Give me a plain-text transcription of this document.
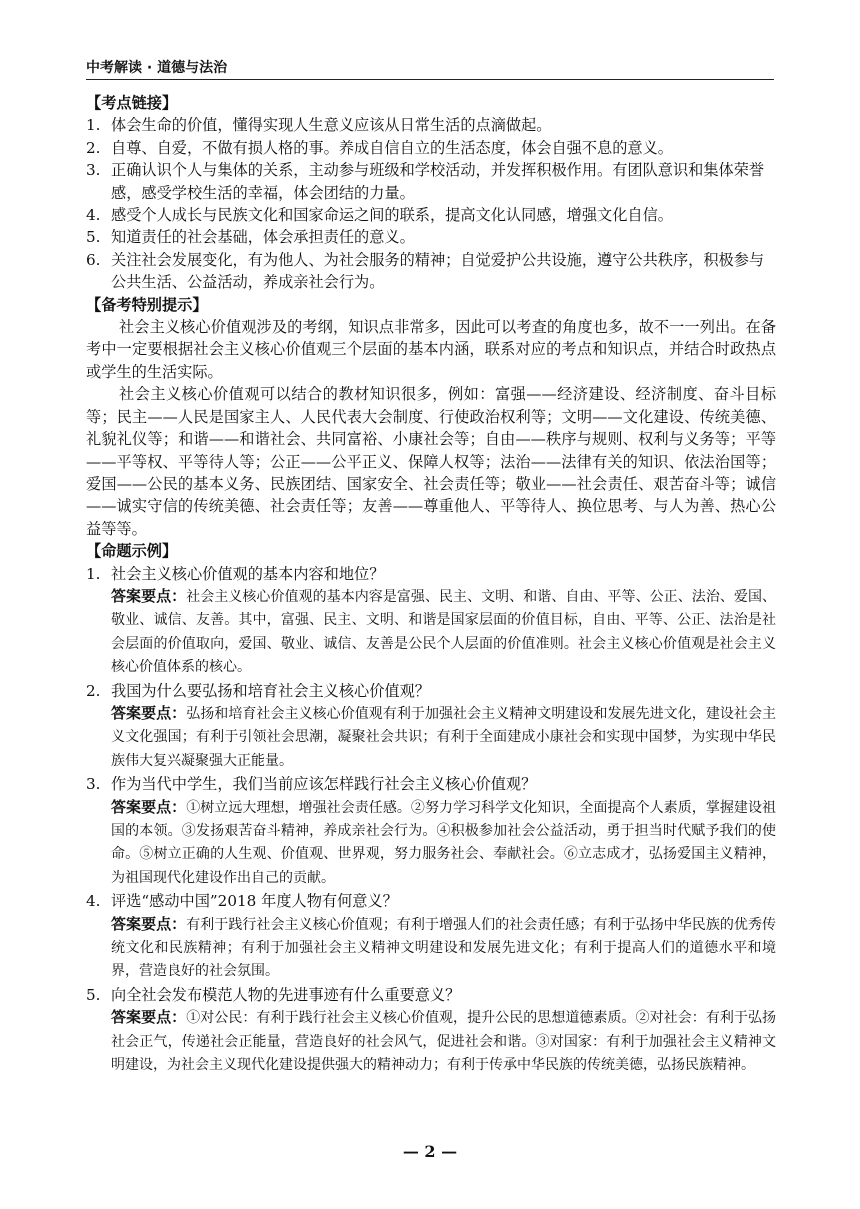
中考解读 · 道德与法治
【考点链接】
1. 体会生命的价值，懂得实现人生意义应该从日常生活的点滴做起。
2. 自尊、自爱，不做有损人格的事。养成自信自立的生活态度，体会自强不息的意义。
3. 正确认识个人与集体的关系，主动参与班级和学校活动，并发挥积极作用。有团队意识和集体荣誉感，感受学校生活的幸福，体会团结的力量。
4. 感受个人成长与民族文化和国家命运之间的联系，提高文化认同感，增强文化自信。
5. 知道责任的社会基础，体会承担责任的意义。
6. 关注社会发展变化，有为他人、为社会服务的精神；自觉爱护公共设施，遵守公共秩序，积极参与公共生活、公益活动，养成亲社会行为。
【备考特别提示】
社会主义核心价值观涉及的考纲，知识点非常多，因此可以考查的角度也多，故不一一列出。在备考中一定要根据社会主义核心价值观三个层面的基本内涵，联系对应的考点和知识点，并结合时政热点或学生的生活实际。
社会主义核心价值观可以结合的教材知识很多，例如：富强——经济建设、经济制度、奋斗目标等；民主——人民是国家主人、人民代表大会制度、行使政治权利等；文明——文化建设、传统美德、礼貌礼仪等；和谐——和谐社会、共同富裕、小康社会等；自由——秩序与规则、权利与义务等；平等——平等权、平等待人等；公正——公平正义、保障人权等；法治——法律有关的知识、依法治国等；爱国——公民的基本义务、民族团结、国家安全、社会责任等；敬业——社会责任、艰苦奋斗等；诚信——诚实守信的传统美德、社会责任等；友善——尊重他人、平等待人、换位思考、与人为善、热心公益等等。
【命题示例】
1. 社会主义核心价值观的基本内容和地位？
答案要点：社会主义核心价值观的基本内容是富强、民主、文明、和谐、自由、平等、公正、法治、爱国、敬业、诚信、友善。其中，富强、民主、文明、和谐是国家层面的价值目标，自由、平等、公正、法治是社会层面的价值取向，爱国、敬业、诚信、友善是公民个人层面的价值准则。社会主义核心价值观是社会主义核心价值体系的核心。
2. 我国为什么要弘扬和培育社会主义核心价值观？
答案要点：弘扬和培育社会主义核心价值观有利于加强社会主义精神文明建设和发展先进文化，建设社会主义文化强国；有利于引领社会思潮，凝聚社会共识；有利于全面建成小康社会和实现中国梦，为实现中华民族伟大复兴凝聚强大正能量。
3. 作为当代中学生，我们当前应该怎样践行社会主义核心价值观？
答案要点：①树立远大理想，增强社会责任感。②努力学习科学文化知识，全面提高个人素质，掌握建设祖国的本领。③发扬艰苦奋斗精神，养成亲社会行为。④积极参加社会公益活动，勇于担当时代赋予我们的使命。⑤树立正确的人生观、价值观、世界观，努力服务社会、奉献社会。⑥立志成才，弘扬爱国主义精神，为祖国现代化建设作出自己的贡献。
4. 评选“感动中国”2018 年度人物有何意义？
答案要点：有利于践行社会主义核心价值观；有利于增强人们的社会责任感；有利于弘扬中华民族的优秀传统文化和民族精神；有利于加强社会主义精神文明建设和发展先进文化；有利于提高人们的道德水平和境界，营造良好的社会氛围。
5. 向全社会发布模范人物的先进事迹有什么重要意义？
答案要点：①对公民：有利于践行社会主义核心价值观，提升公民的思想道德素质。②对社会：有利于弘扬社会正气，传递社会正能量，营造良好的社会风气，促进社会和谐。③对国家：有利于加强社会主义精神文明建设，为社会主义现代化建设提供强大的精神动力；有利于传承中华民族的传统美德，弘扬民族精神。
— 2 —
